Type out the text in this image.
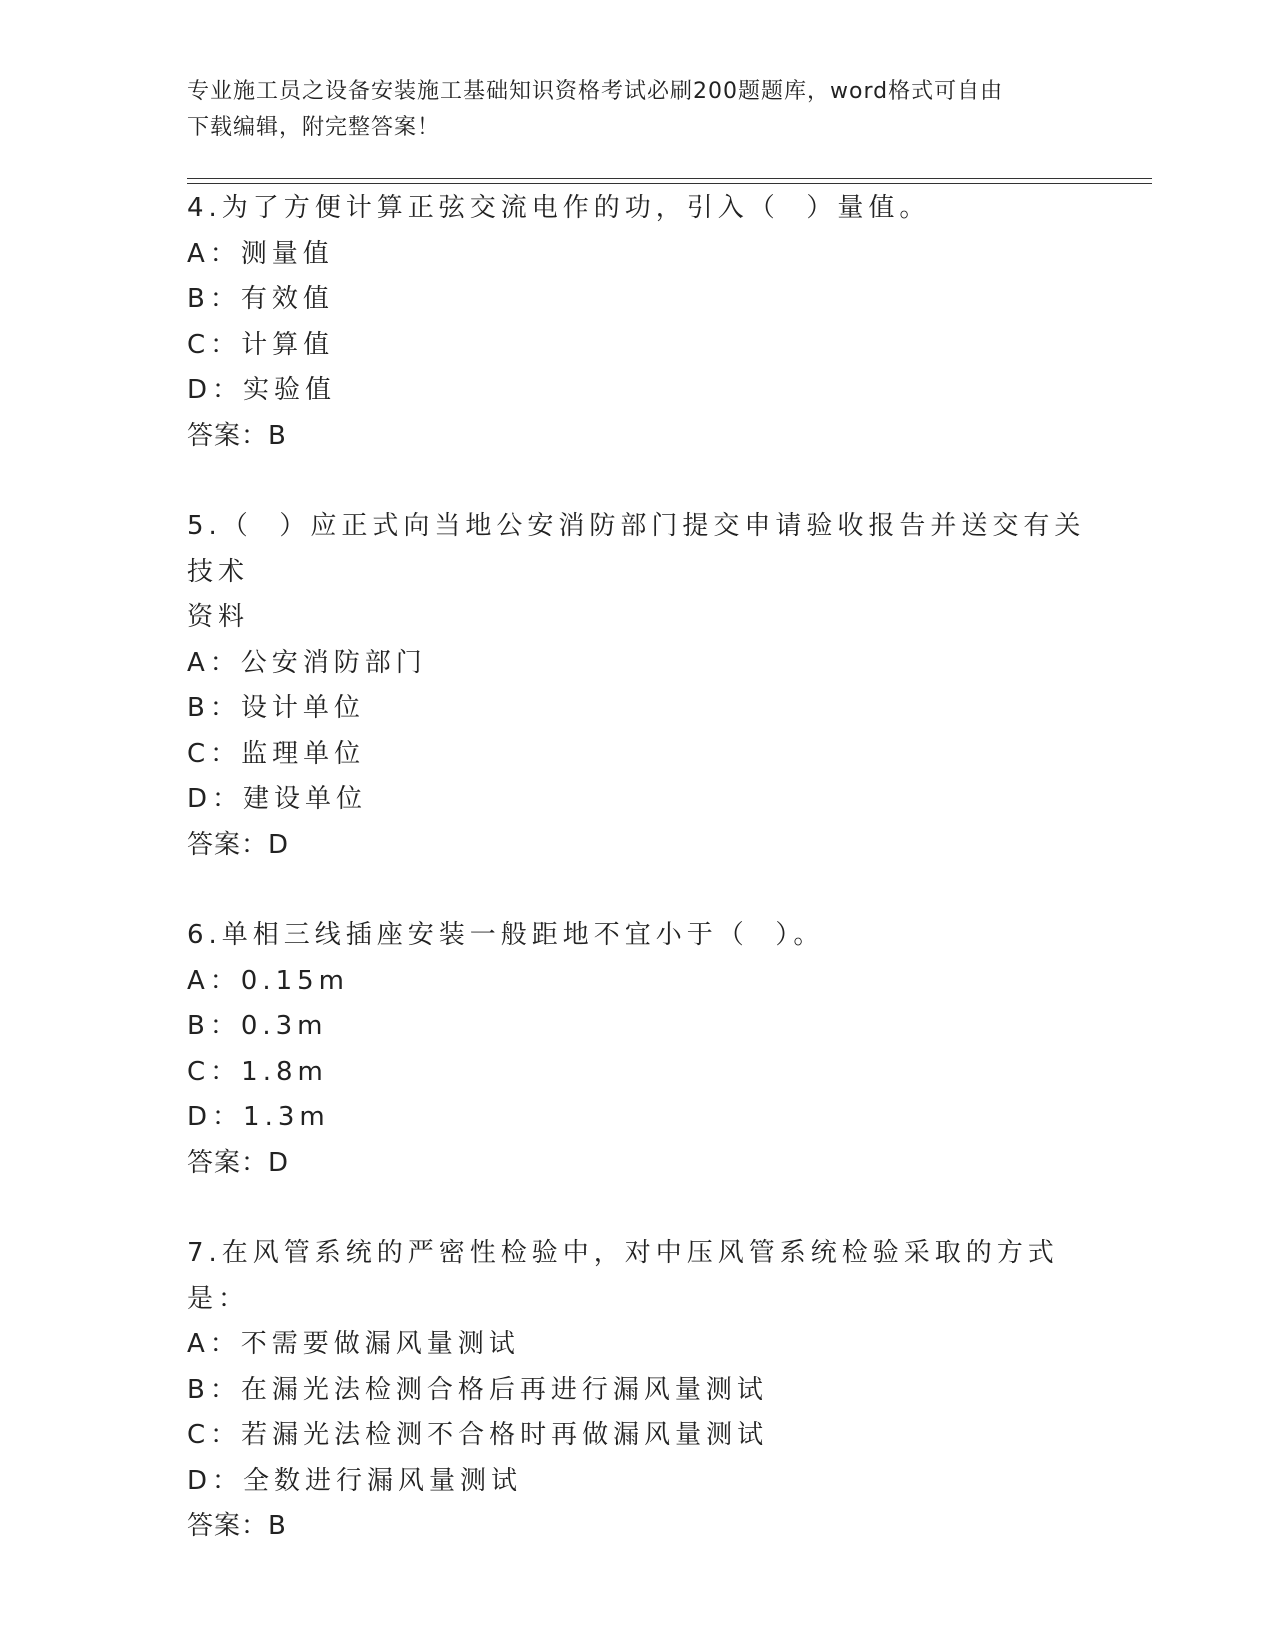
专业施工员之设备安装施工基础知识资格考试必刷200题题库，word格式可自由
下载编辑，附完整答案！
4.为了方便计算正弦交流电作的功，引入（  ）量值。
A：测量值
B：有效值
C：计算值
D：实验值
答案：B
5.（  ）应正式向当地公安消防部门提交申请验收报告并送交有关技术
资料
A：公安消防部门
B：设计单位
C：监理单位
D：建设单位
答案：D
6.单相三线插座安装一般距地不宜小于（  ）。
A：0.15m
B：0.3m
C：1.8m
D：1.3m
答案：D
7.在风管系统的严密性检验中，对中压风管系统检验采取的方式是：
A：不需要做漏风量测试
B：在漏光法检测合格后再进行漏风量测试
C：若漏光法检测不合格时再做漏风量测试
D：全数进行漏风量测试
答案：B
